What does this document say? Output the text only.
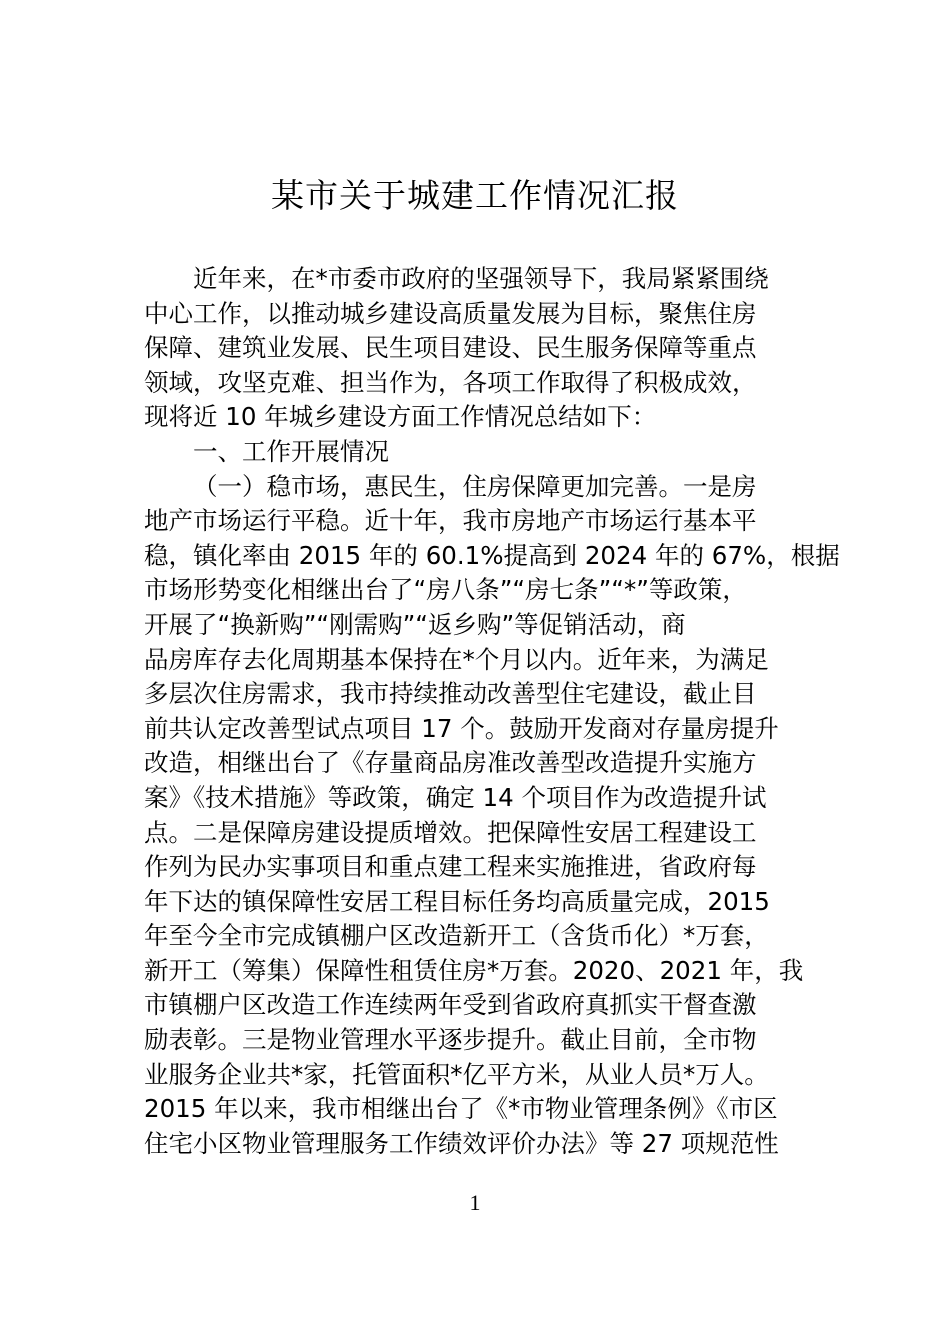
某市关于城建工作情况汇报
近年来，在*市委市政府的坚强领导下，我局紧紧围绕
中心工作，以推动城乡建设高质量发展为目标，聚焦住房
保障、建筑业发展、民生项目建设、民生服务保障等重点
领域，攻坚克难、担当作为，各项工作取得了积极成效，
现将近 10 年城乡建设方面工作情况总结如下：
一、工作开展情况
（一）稳市场，惠民生，住房保障更加完善。一是房
地产市场运行平稳。近十年，我市房地产市场运行基本平
稳，镇化率由 2015 年的 60.1%提高到 2024 年的 67%，根据
市场形势变化相继出台了“房八条”“房七条”“*”等政策，
开展了“换新购”“刚需购”“返乡购”等促销活动，商
品房库存去化周期基本保持在*个月以内。近年来，为满足
多层次住房需求，我市持续推动改善型住宅建设，截止目
前共认定改善型试点项目 17 个。鼓励开发商对存量房提升
改造，相继出台了《存量商品房准改善型改造提升实施方
案》《技术措施》等政策，确定 14 个项目作为改造提升试
点。二是保障房建设提质增效。把保障性安居工程建设工
作列为民办实事项目和重点建工程来实施推进，省政府每
年下达的镇保障性安居工程目标任务均高质量完成，2015
年至今全市完成镇棚户区改造新开工（含货币化）*万套，
新开工（筹集）保障性租赁住房*万套。2020、2021 年，我
市镇棚户区改造工作连续两年受到省政府真抓实干督查激
励表彰。三是物业管理水平逐步提升。截止目前，全市物
业服务企业共*家，托管面积*亿平方米，从业人员*万人。
2015 年以来，我市相继出台了《*市物业管理条例》《市区
住宅小区物业管理服务工作绩效评价办法》等 27 项规范性
1
